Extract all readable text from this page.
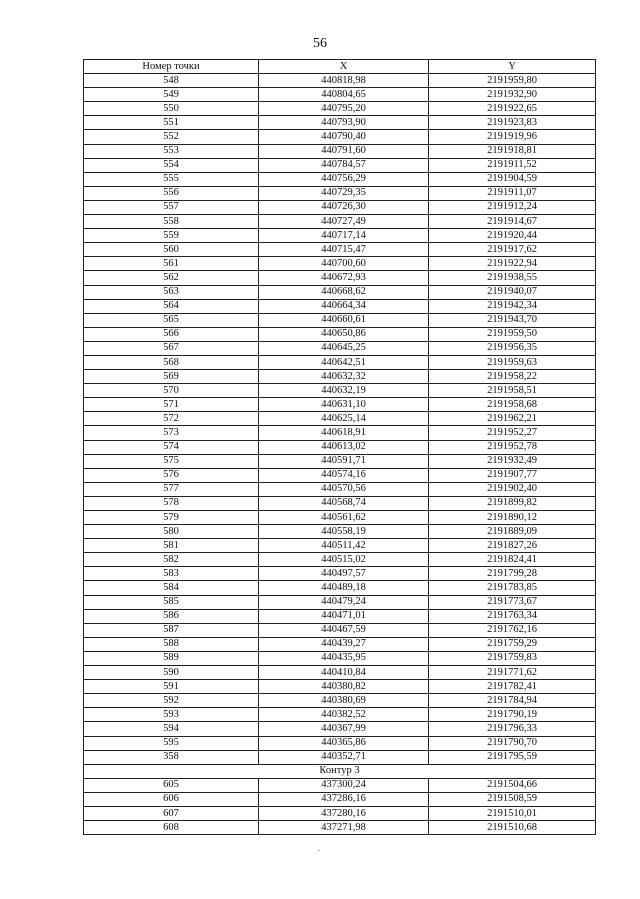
56
Номер точки	X	Y
548	440818,98	2191959,80
549	440804,65	2191932,90
550	440795,20	2191922,65
551	440793,90	2191923,83
552	440790,40	2191919,96
553	440791,60	2191918,81
554	440784,57	2191911,52
555	440756,29	2191904,59
556	440729,35	2191911,07
557	440726,30	2191912,24
558	440727,49	2191914,67
559	440717,14	2191920,44
560	440715,47	2191917,62
561	440700,60	2191922,94
562	440672,93	2191938,55
563	440668,62	2191940,07
564	440664,34	2191942,34
565	440660,61	2191943,70
566	440650,86	2191959,50
567	440645,25	2191956,35
568	440642,51	2191959,63
569	440632,32	2191958,22
570	440632,19	2191958,51
571	440631,10	2191958,68
572	440625,14	2191962,21
573	440618,91	2191952,27
574	440613,02	2191952,78
575	440591,71	2191932,49
576	440574,16	2191907,77
577	440570,56	2191902,40
578	440568,74	2191899,82
579	440561,62	2191890,12
580	440558,19	2191889,09
581	440511,42	2191827,26
582	440515,02	2191824,41
583	440497,57	2191799,28
584	440489,18	2191783,85
585	440479,24	2191773,67
586	440471,01	2191763,34
587	440467,59	2191762,16
588	440439,27	2191759,29
589	440435,95	2191759,83
590	440410,84	2191771,62
591	440380,82	2191782,41
592	440380,69	2191784,94
593	440382,52	2191790,19
594	440367,99	2191796,33
595	440365,86	2191790,70
358	440352,71	2191795,59
Контур 3		
605	437300,24	2191504,66
606	437286,16	2191508,59
607	437280,16	2191510,01
608	437271,98	2191510,68
